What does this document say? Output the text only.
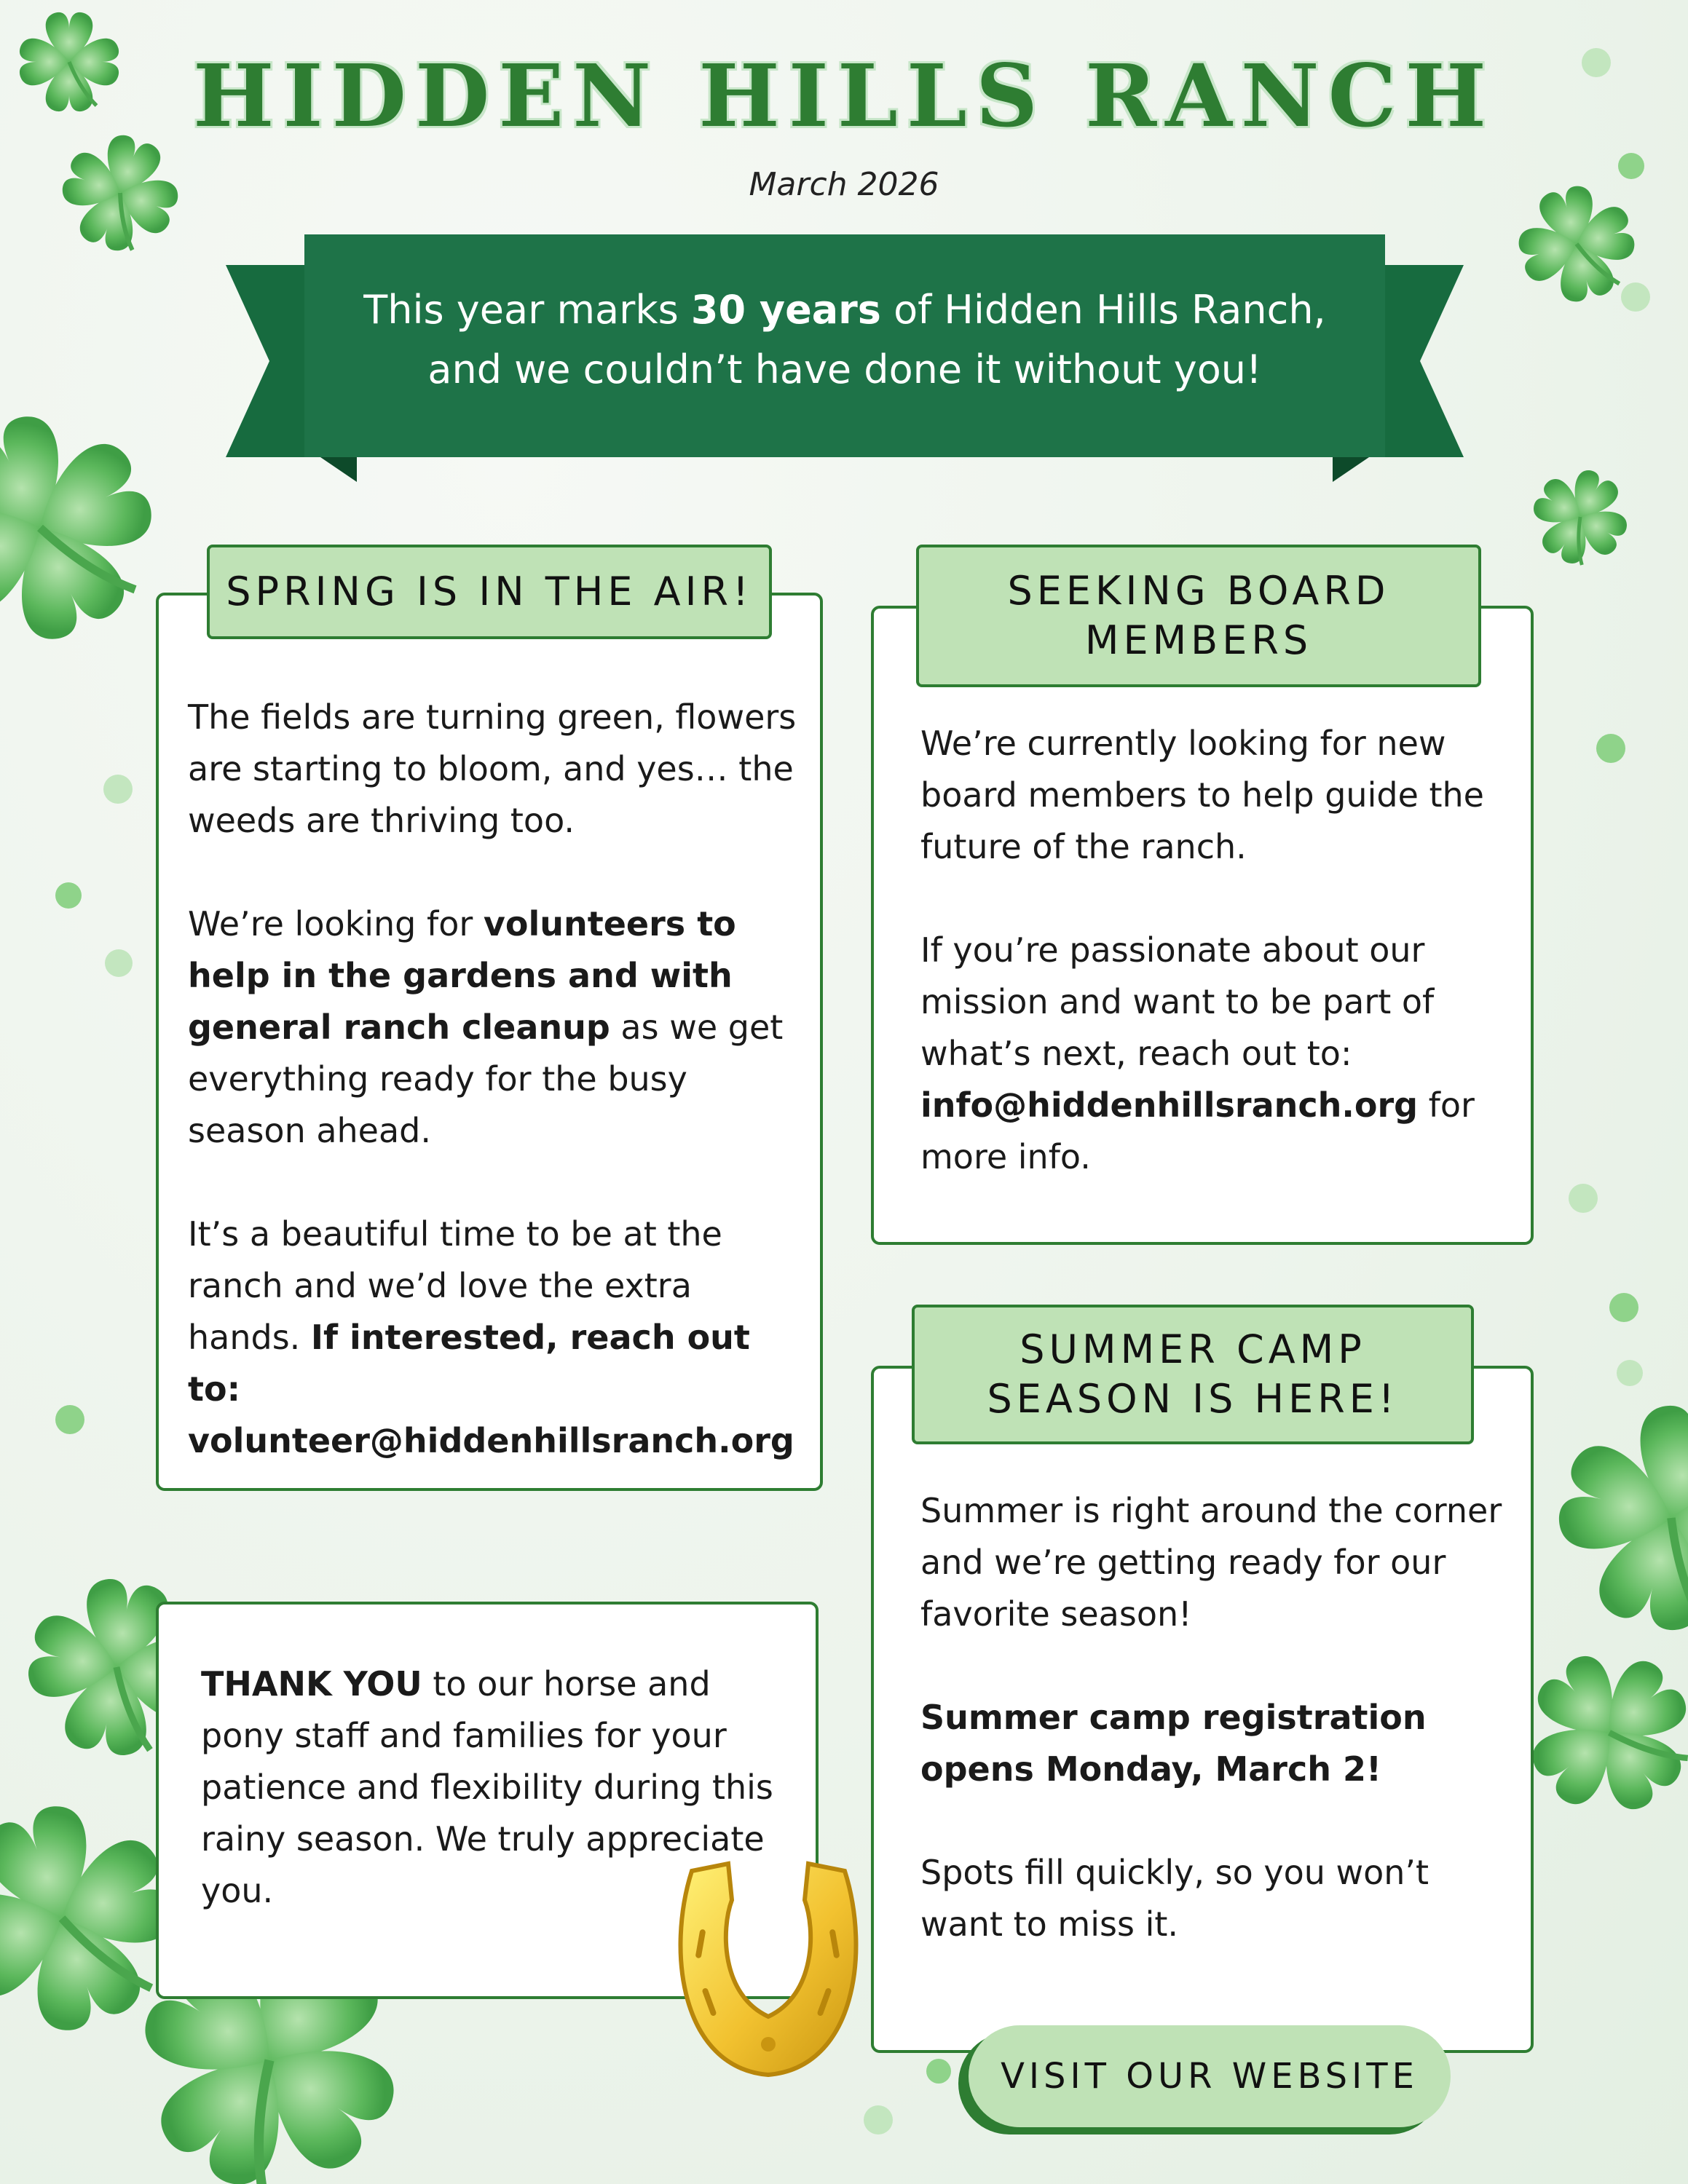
HIDDEN HILLS RANCH
March 2026
This year marks 30 years of Hidden Hills Ranch,
and we couldn’t have done it without you!
SPRING IS IN THE AIR!

The fields are turning green, flowers are starting to bloom, and yes… the weeds are thriving too.

We’re looking for volunteers to help in the gardens and with general ranch cleanup as we get everything ready for the busy season ahead.

It’s a beautiful time to be at the ranch and we’d love the extra hands. If interested, reach out to: volunteer@hiddenhillsranch.org

SEEKING BOARD
MEMBERS

We’re currently looking for new board members to help guide the future of the ranch.

If you’re passionate about our mission and want to be part of what’s next, reach out to: info@hiddenhillsranch.org for more info.

THANK YOU to our horse and pony staff and families for your patience and flexibility during this rainy season. We truly appreciate you.

SUMMER CAMP
SEASON IS HERE!

Summer is right around the corner and we’re getting ready for our favorite season!

Summer camp registration opens Monday, March 2!

Spots fill quickly, so you won’t want to miss it.

VISIT OUR WEBSITE
